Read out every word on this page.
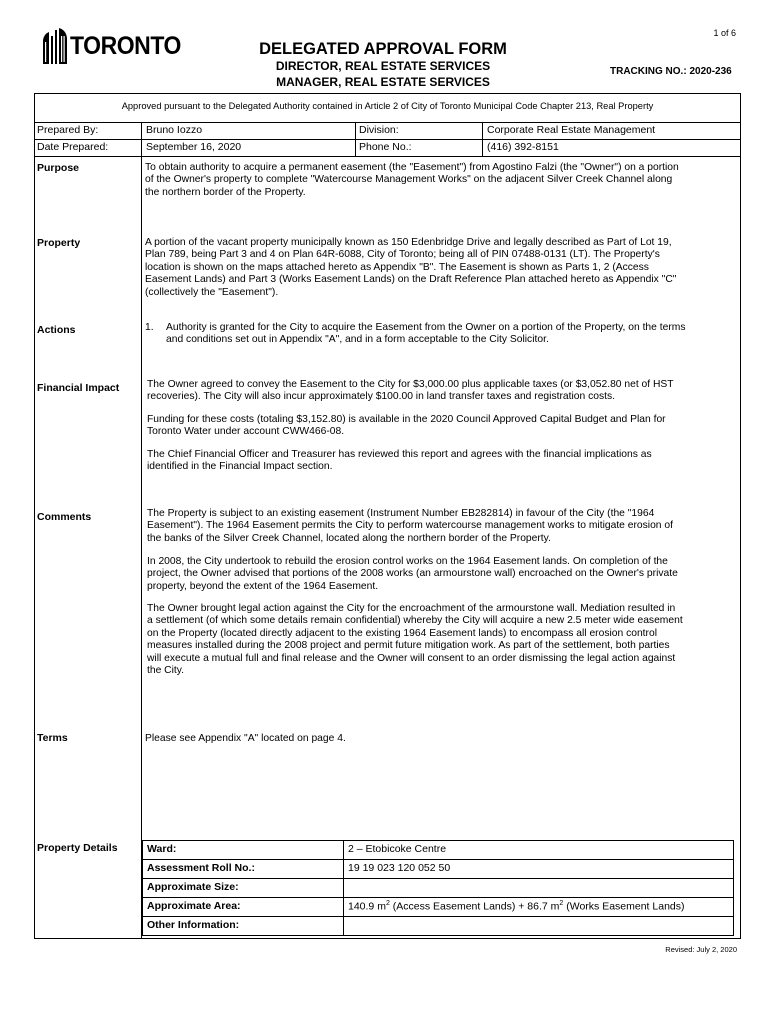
1 of 6
TORONTO	DELEGATED APPROVAL FORM
DIRECTOR, REAL ESTATE SERVICES
MANAGER, REAL ESTATE SERVICES
TRACKING NO.: 2020-236
Approved pursuant to the Delegated Authority contained in Article 2 of City of Toronto Municipal Code Chapter 213, Real Property
Prepared By:	Bruno Iozzo	Division:	Corporate Real Estate Management
Date Prepared:	September 16, 2020	Phone No.:	(416) 392-8151
Purpose	To obtain authority to acquire a permanent easement (the "Easement") from Agostino Falzi (the "Owner") on a portion
of the Owner's property to complete "Watercourse Management Works" on the adjacent Silver Creek Channel along
the northern border of the Property.
Property	A portion of the vacant property municipally known as 150 Edenbridge Drive and legally described as Part of Lot 19,
Plan 789, being Part 3 and 4 on Plan 64R-6088, City of Toronto; being all of PIN 07488-0131 (LT). The Property's
location is shown on the maps attached hereto as Appendix "B". The Easement is shown as Parts 1, 2 (Access
Easement Lands) and Part 3 (Works Easement Lands) on the Draft Reference Plan attached hereto as Appendix "C"
(collectively the "Easement").
Actions	1. Authority is granted for the City to acquire the Easement from the Owner on a portion of the Property, on the terms
and conditions set out in Appendix "A", and in a form acceptable to the City Solicitor.
Financial Impact	The Owner agreed to convey the Easement to the City for $3,000.00 plus applicable taxes (or $3,052.80 net of HST
recoveries). The City will also incur approximately $100.00 in land transfer taxes and registration costs.
Funding for these costs (totaling $3,152.80) is available in the 2020 Council Approved Capital Budget and Plan for
Toronto Water under account CWW466-08.
The Chief Financial Officer and Treasurer has reviewed this report and agrees with the financial implications as
identified in the Financial Impact section.
Comments	The Property is subject to an existing easement (Instrument Number EB282814) in favour of the City (the "1964
Easement"). The 1964 Easement permits the City to perform watercourse management works to mitigate erosion of
the banks of the Silver Creek Channel, located along the northern border of the Property.
In 2008, the City undertook to rebuild the erosion control works on the 1964 Easement lands. On completion of the
project, the Owner advised that portions of the 2008 works (an armourstone wall) encroached on the Owner's private
property, beyond the extent of the 1964 Easement.
The Owner brought legal action against the City for the encroachment of the armourstone wall. Mediation resulted in
a settlement (of which some details remain confidential) whereby the City will acquire a new 2.5 meter wide easement
on the Property (located directly adjacent to the existing 1964 Easement lands) to encompass all erosion control
measures installed during the 2008 project and permit future mitigation work. As part of the settlement, both parties
will execute a mutual full and final release and the Owner will consent to an order dismissing the legal action against
the City.
Terms	Please see Appendix "A" located on page 4.
Property Details	Ward:	2 – Etobicoke Centre
Assessment Roll No.:	19 19 023 120 052 50
Approximate Size:	
Approximate Area:	140.9 $m^2$ (Access Easement Lands) + 86.7 $m^2$ (Works Easement Lands)
Other Information:	
Revised: July 2, 2020
